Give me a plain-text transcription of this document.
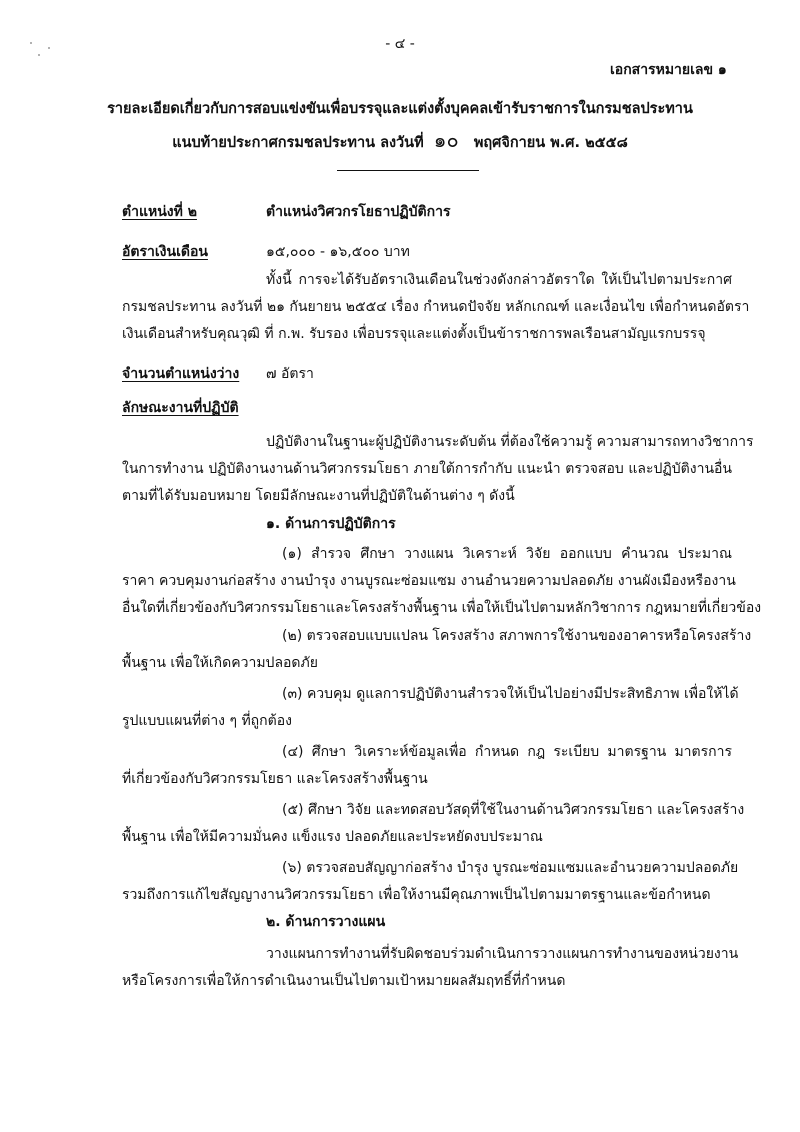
- ๔ -
เอกสารหมายเลข ๑
รายละเอียดเกี่ยวกับการสอบแข่งขันเพื่อบรรจุและแต่งตั้งบุคคลเข้ารับราชการในกรมชลประทาน
แนบท้ายประกาศกรมชลประทาน ลงวันที่ ๑๐ พฤศจิกายน พ.ศ. ๒๕๕๘
ตำแหน่งที่ ๒	ตำแหน่งวิศวกรโยธาปฏิบัติการ
อัตราเงินเดือน	๑๕,๐๐๐ - ๑๖,๕๐๐ บาท
ทั้งนี้ การจะได้รับอัตราเงินเดือนในช่วงดังกล่าวอัตราใด ให้เป็นไปตามประกาศ
กรมชลประทาน ลงวันที่ ๒๑ กันยายน ๒๕๕๔ เรื่อง กำหนดปัจจัย หลักเกณฑ์ และเงื่อนไข เพื่อกำหนดอัตรา
เงินเดือนสำหรับคุณวุฒิ ที่ ก.พ. รับรอง เพื่อบรรจุและแต่งตั้งเป็นข้าราชการพลเรือนสามัญแรกบรรจุ
จำนวนตำแหน่งว่าง ๗ อัตรา
ลักษณะงานที่ปฏิบัติ
ปฏิบัติงานในฐานะผู้ปฏิบัติงานระดับต้น ที่ต้องใช้ความรู้ ความสามารถทางวิชาการ
ในการทำงาน ปฏิบัติงานงานด้านวิศวกรรมโยธา ภายใต้การกำกับ แนะนำ ตรวจสอบ และปฏิบัติงานอื่น
ตามที่ได้รับมอบหมาย โดยมีลักษณะงานที่ปฏิบัติในด้านต่าง ๆ ดังนี้
๑. ด้านการปฏิบัติการ
(๑) สำรวจ ศึกษา วางแผน วิเคราะห์ วิจัย ออกแบบ คำนวณ ประมาณ
ราคา ควบคุมงานก่อสร้าง งานบำรุง งานบูรณะซ่อมแซม งานอำนวยความปลอดภัย งานผังเมืองหรืองาน
อื่นใดที่เกี่ยวข้องกับวิศวกรรมโยธาและโครงสร้างพื้นฐาน เพื่อให้เป็นไปตามหลักวิชาการ กฎหมายที่เกี่ยวข้อง
(๒) ตรวจสอบแบบแปลน โครงสร้าง สภาพการใช้งานของอาคารหรือโครงสร้าง
พื้นฐาน เพื่อให้เกิดความปลอดภัย
(๓) ควบคุม ดูแลการปฏิบัติงานสำรวจให้เป็นไปอย่างมีประสิทธิภาพ เพื่อให้ได้
รูปแบบแผนที่ต่าง ๆ ที่ถูกต้อง
(๔) ศึกษา วิเคราะห์ข้อมูลเพื่อ กำหนด กฎ ระเบียบ มาตรฐาน มาตรการ
ที่เกี่ยวข้องกับวิศวกรรมโยธา และโครงสร้างพื้นฐาน
(๕) ศึกษา วิจัย และทดสอบวัสดุที่ใช้ในงานด้านวิศวกรรมโยธา และโครงสร้าง
พื้นฐาน เพื่อให้มีความมั่นคง แข็งแรง ปลอดภัยและประหยัดงบประมาณ
(๖) ตรวจสอบสัญญาก่อสร้าง บำรุง บูรณะซ่อมแซมและอำนวยความปลอดภัย
รวมถึงการแก้ไขสัญญางานวิศวกรรมโยธา เพื่อให้งานมีคุณภาพเป็นไปตามมาตรฐานและข้อกำหนด
๒. ด้านการวางแผน
วางแผนการทำงานที่รับผิดชอบร่วมดำเนินการวางแผนการทำงานของหน่วยงาน
หรือโครงการเพื่อให้การดำเนินงานเป็นไปตามเป้าหมายผลสัมฤทธิ์ที่กำหนด
